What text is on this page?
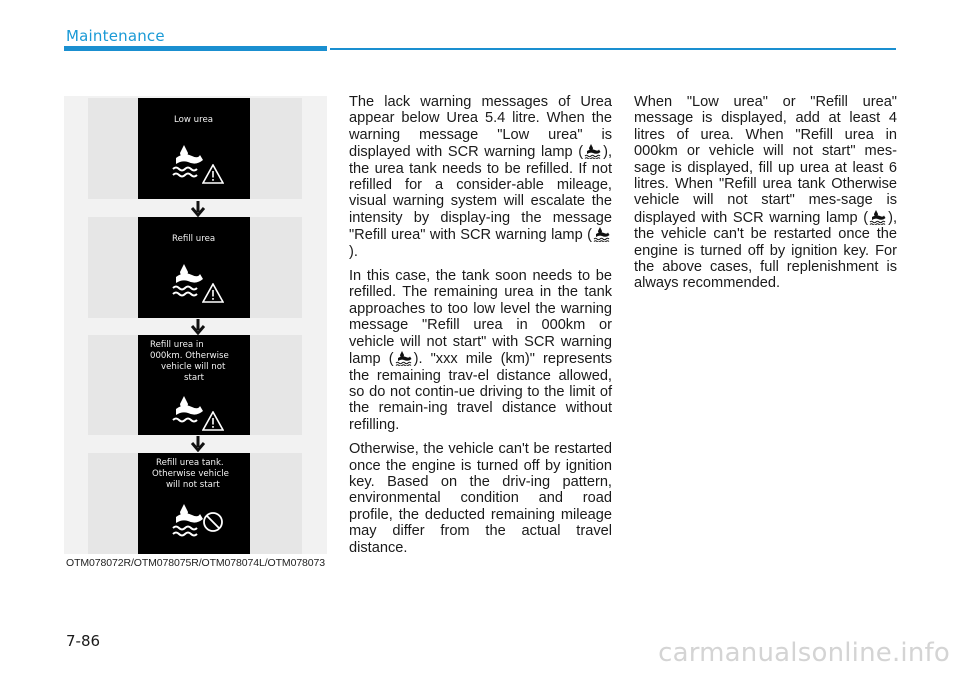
Maintenance
Low urea
Refill urea
Refill urea in
000km. Otherwise
vehicle will not
start
Refill urea tank.
Otherwise vehicle
will not start
OTM078072R/OTM078075R/OTM078074L/OTM078073

The lack warning messages of Urea appear below Urea 5.4 litre. When the warning message "Low urea" is displayed with SCR warning lamp ( ), the urea tank needs to be refilled. If not refilled for a consider-able mileage, visual warning system will escalate the intensity by display-ing the message "Refill urea" with SCR warning lamp ().

In this case, the tank soon needs to be refilled. The remaining urea in the tank approaches to too low level the warning message "Refill urea in 000km or vehicle will not start" with SCR warning lamp ( ). "xxx mile (km)" represents the remaining trav-el distance allowed, so do not contin-ue driving to the limit of the remain-ing travel distance without refilling.

Otherwise, the vehicle can't be restarted once the engine is turned off by ignition key. Based on the driv-ing pattern, environmental condition and road profile, the deducted remaining mileage may differ from the actual travel distance.

When "Low urea" or "Refill urea" message is displayed, add at least 4 litres of urea. When "Refill urea in 000km or vehicle will not start" mes-sage is displayed, fill up urea at least 6 litres. When "Refill urea tank Otherwise vehicle will not start" mes-sage is displayed with SCR warning lamp ( ), the vehicle can't be restarted once the engine is turned off by ignition key. For the above cases, full replenishment is always recommended.

7-86	carmanualsonline.info
